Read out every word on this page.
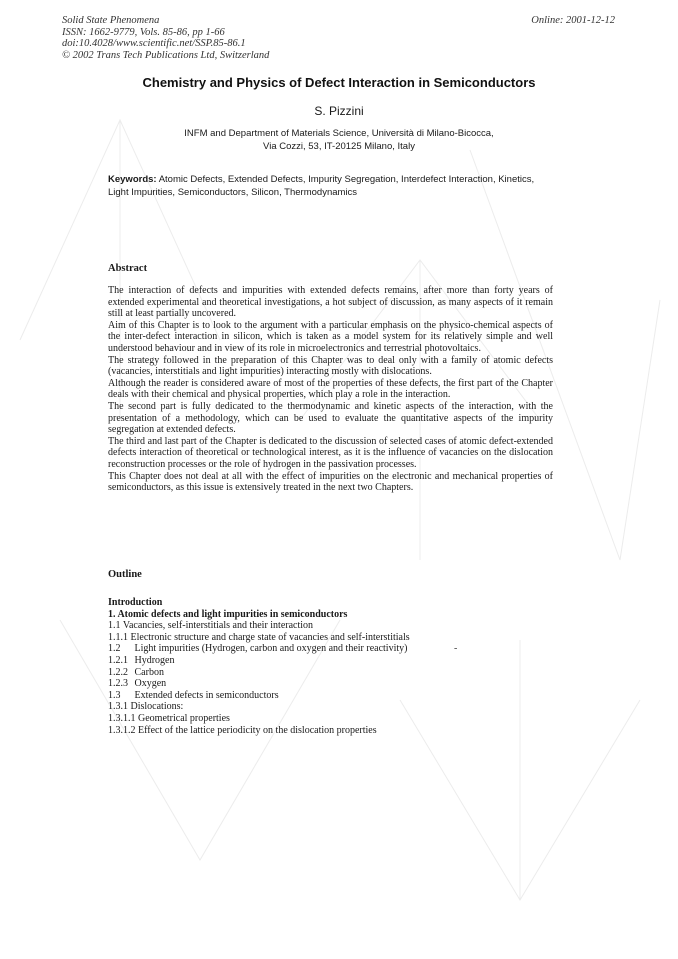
Solid State Phenomena
ISSN: 1662-9779, Vols. 85-86, pp 1-66
doi:10.4028/www.scientific.net/SSP.85-86.1
© 2002 Trans Tech Publications Ltd, Switzerland
Online: 2001-12-12
Chemistry and Physics of Defect Interaction in Semiconductors
S. Pizzini
INFM and Department of Materials Science, Università di Milano-Bicocca,
Via Cozzi, 53, IT-20125 Milano, Italy
Keywords: Atomic Defects, Extended Defects, Impurity Segregation, Interdefect Interaction, Kinetics, Light Impurities, Semiconductors, Silicon, Thermodynamics
Abstract

The interaction of defects and impurities with extended defects remains, after more than forty years of extended experimental and theoretical investigations, a hot subject of discussion, as many aspects of it remain still at least partially uncovered.

Aim of this Chapter is to look to the argument with a particular emphasis on the physico-chemical aspects of the inter-defect interaction in silicon, which is taken as a model system for its relatively simple and well understood behaviour and in view of its role in microelectronics and terrestrial photovoltaics.

The strategy followed in the preparation of this Chapter was to deal only with a family of atomic defects (vacancies, interstitials and light impurities) interacting mostly with dislocations.

Although the reader is considered aware of most of the properties of these defects, the first part of the Chapter deals with their chemical and physical properties, which play a role in the interaction.

The second part is fully dedicated to the thermodynamic and kinetic aspects of the interaction, with the presentation of a methodology, which can be used to evaluate the quantitative aspects of the impurity segregation at extended defects.

The third and last part of the Chapter is dedicated to the discussion of selected cases of atomic defect-extended defects interaction of theoretical or technological interest, as it is the influence of vacancies on the dislocation reconstruction processes or the role of hydrogen in the passivation processes.

This Chapter does not deal at all with the effect of impurities on the electronic and mechanical properties of semiconductors, as this issue is extensively treated in the next two Chapters.

Outline
Introduction
1. Atomic defects and light impurities in semiconductors
1.1 Vacancies, self-interstitials and their interaction
1.1.1 Electronic structure and charge state of vacancies and self-interstitials
1.2 Light impurities (Hydrogen, carbon and oxygen and their reactivity)
1.2.1 Hydrogen
1.2.2 Carbon
1.2.3 Oxygen
1.3 Extended defects in semiconductors
1.3.1 Dislocations:
1.3.1.1 Geometrical properties
1.3.1.2 Effect of the lattice periodicity on the dislocation properties
-
